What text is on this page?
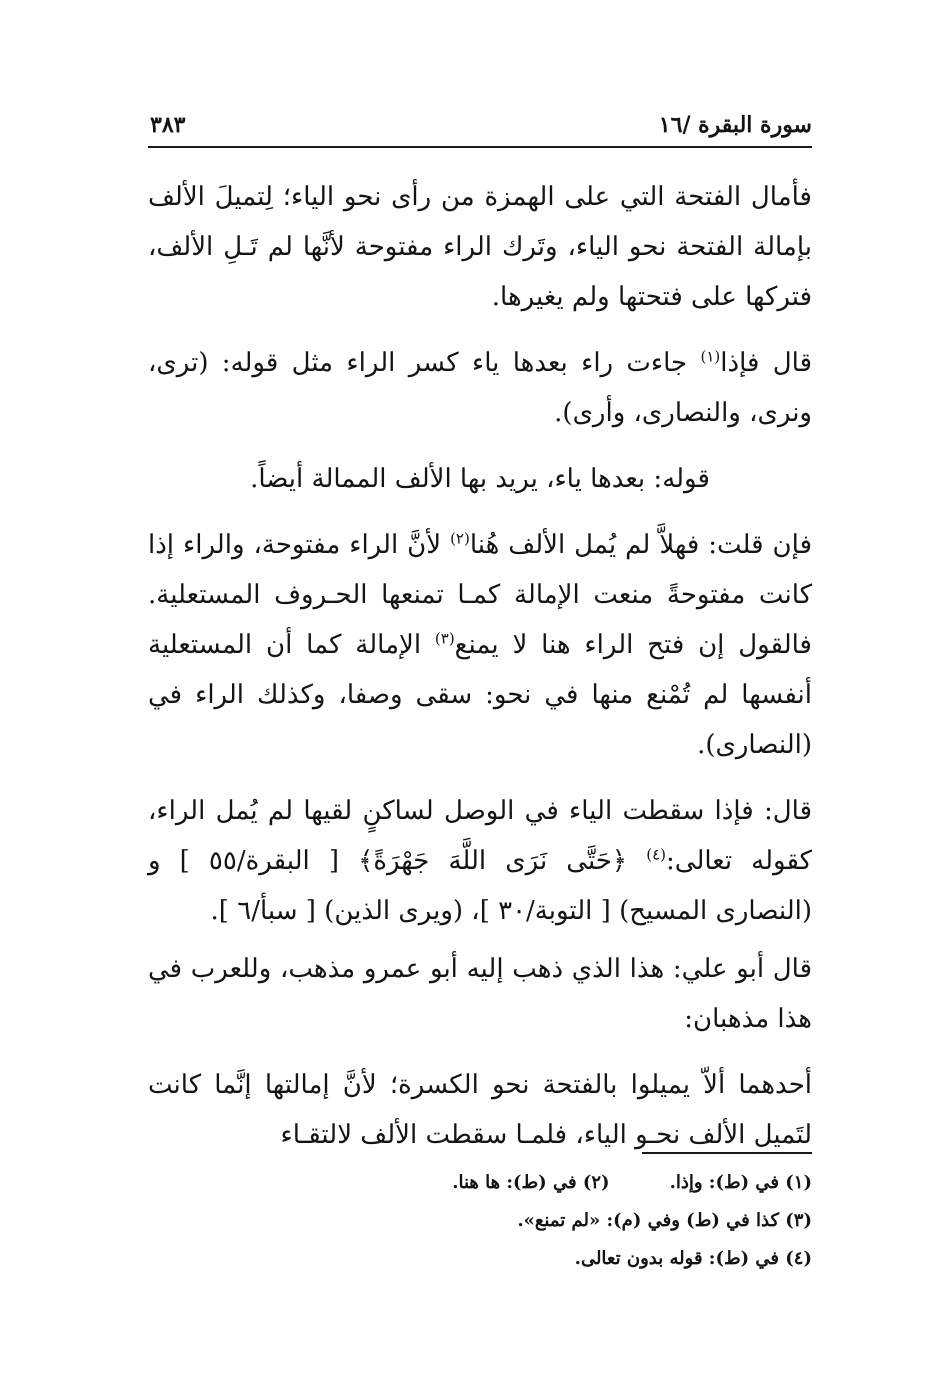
سورة البقرة /١٦
٣٨٣

فأمال الفتحة التي على الهمزة من رأى نحو الياء؛ لِتميلَ الألف بإمالة الفتحة نحو الياء، وتَرك الراء مفتوحة لأنَّها لم تَـلِ الألف، فتركها على فتحتها ولم يغيرها.

قال فإذا$^{(١)}$ جاءت راء بعدها ياء كسر الراء مثل قوله: (ترى، ونرى، والنصارى، وأرى).

قوله: بعدها ياء، يريد بها الألف الممالة أيضاً.

فإن قلت: فهلاَّ لم يُمل الألف هُنا$^{(٢)}$ لأنَّ الراء مفتوحة، والراء إذا كانت مفتوحةً منعت الإمالة كمـا تمنعها الحـروف المستعلية. فالقول إن فتح الراء هنا لا يمنع$^{(٣)}$ الإمالة كما أن المستعلية أنفسها لم تُمْنع منها في نحو: سقى وصفا، وكذلك الراء في (النصارى).

قال: فإذا سقطت الياء في الوصل لساكنٍ لقيها لم يُمل الراء، كقوله تعالى:$^{(٤)}$ ﴿حَتَّى نَرَى اللَّهَ جَهْرَةً﴾ [ البقرة/٥٥ ] و (النصارى المسيح) [ التوبة/٣٠ ]، (ويرى الذين) [ سبأ/٦ ].

قال أبو علي: هذا الذي ذهب إليه أبو عمرو مذهب، وللعرب في هذا مذهبان:

أحدهما ألاّ يميلوا بالفتحة نحو الكسرة؛ لأنَّ إمالتها إنَّما كانت لتَميل الألف نحـو الياء، فلمـا سقطت الألف لالتقـاء

(١) في (ط): وإذا.
(٢) في (ط): ها هنا.
(٣) كذا في (ط) وفي (م): «لم تمنع».
(٤) في (ط): قوله بدون تعالى.
